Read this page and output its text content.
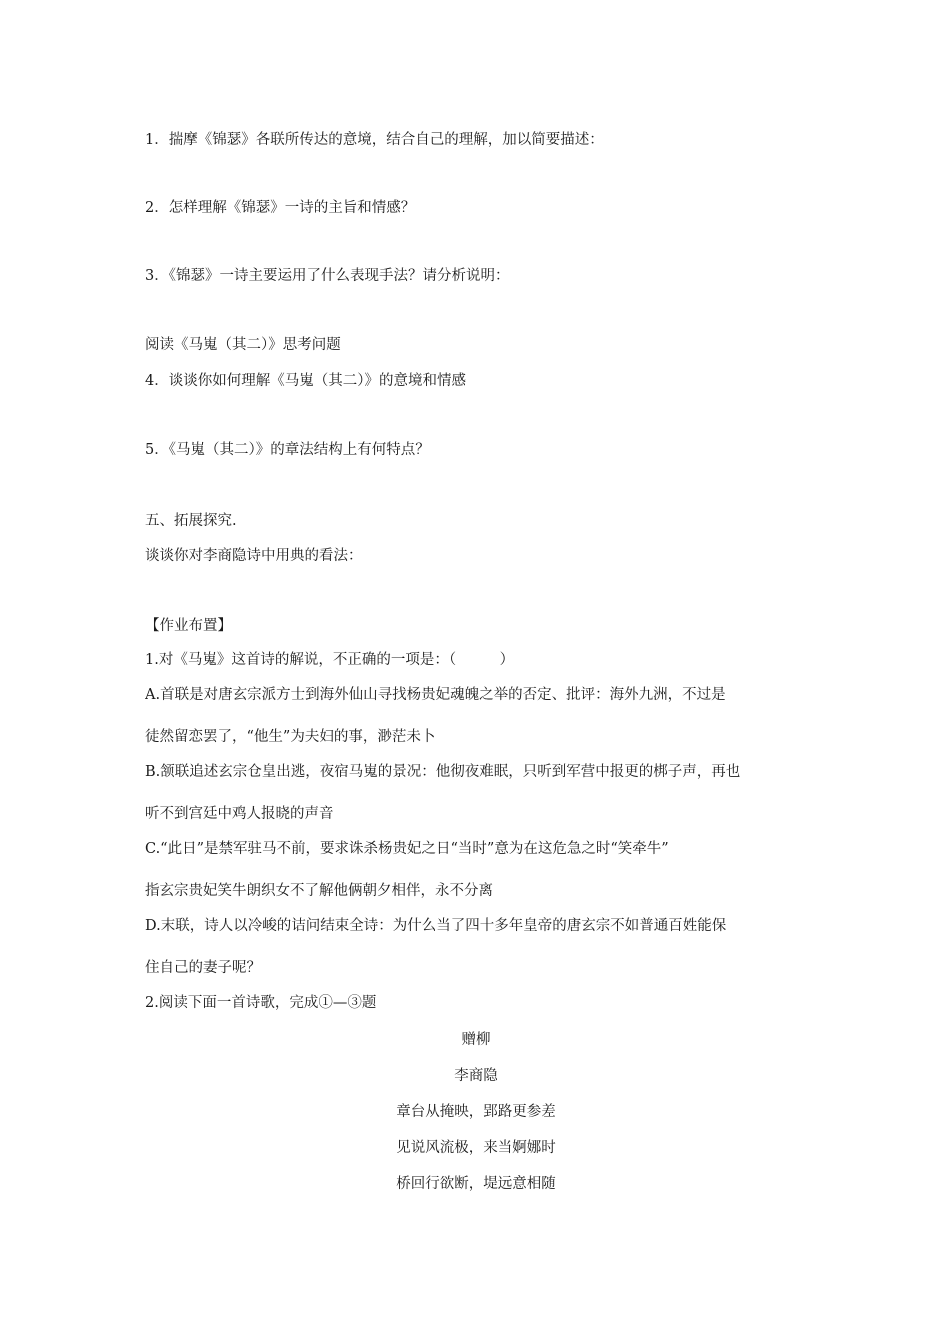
1．揣摩《锦瑟》各联所传达的意境，结合自己的理解，加以简要描述：
2．怎样理解《锦瑟》一诗的主旨和情感？
3．《锦瑟》一诗主要运用了什么表现手法？请分析说明：
阅读《马嵬（其二）》思考问题
4．谈谈你如何理解《马嵬（其二）》的意境和情感
5．《马嵬（其二）》的章法结构上有何特点？
五、拓展探究.
谈谈你对李商隐诗中用典的看法：
【作业布置】
1.对《马嵬》这首诗的解说，不正确的一项是：（　　　）
A.首联是对唐玄宗派方士到海外仙山寻找杨贵妃魂魄之举的否定、批评：海外九洲，不过是
徒然留恋罢了，“他生”为夫妇的事，渺茫未卜
B.颔联追述玄宗仓皇出逃，夜宿马嵬的景况：他彻夜难眠，只听到军营中报更的梆子声，再也
听不到宫廷中鸡人报晓的声音
C.“此日”是禁军驻马不前，要求诛杀杨贵妃之日“当时”意为在这危急之时“笑牵牛”
指玄宗贵妃笑牛朗织女不了解他俩朝夕相伴，永不分离
D.末联，诗人以冷峻的诘问结束全诗：为什么当了四十多年皇帝的唐玄宗不如普通百姓能保
住自己的妻子呢？
2.阅读下面一首诗歌，完成①—③题
赠柳
李商隐
章台从掩映，郢路更参差
见说风流极，来当婀娜时
桥回行欲断，堤远意相随
